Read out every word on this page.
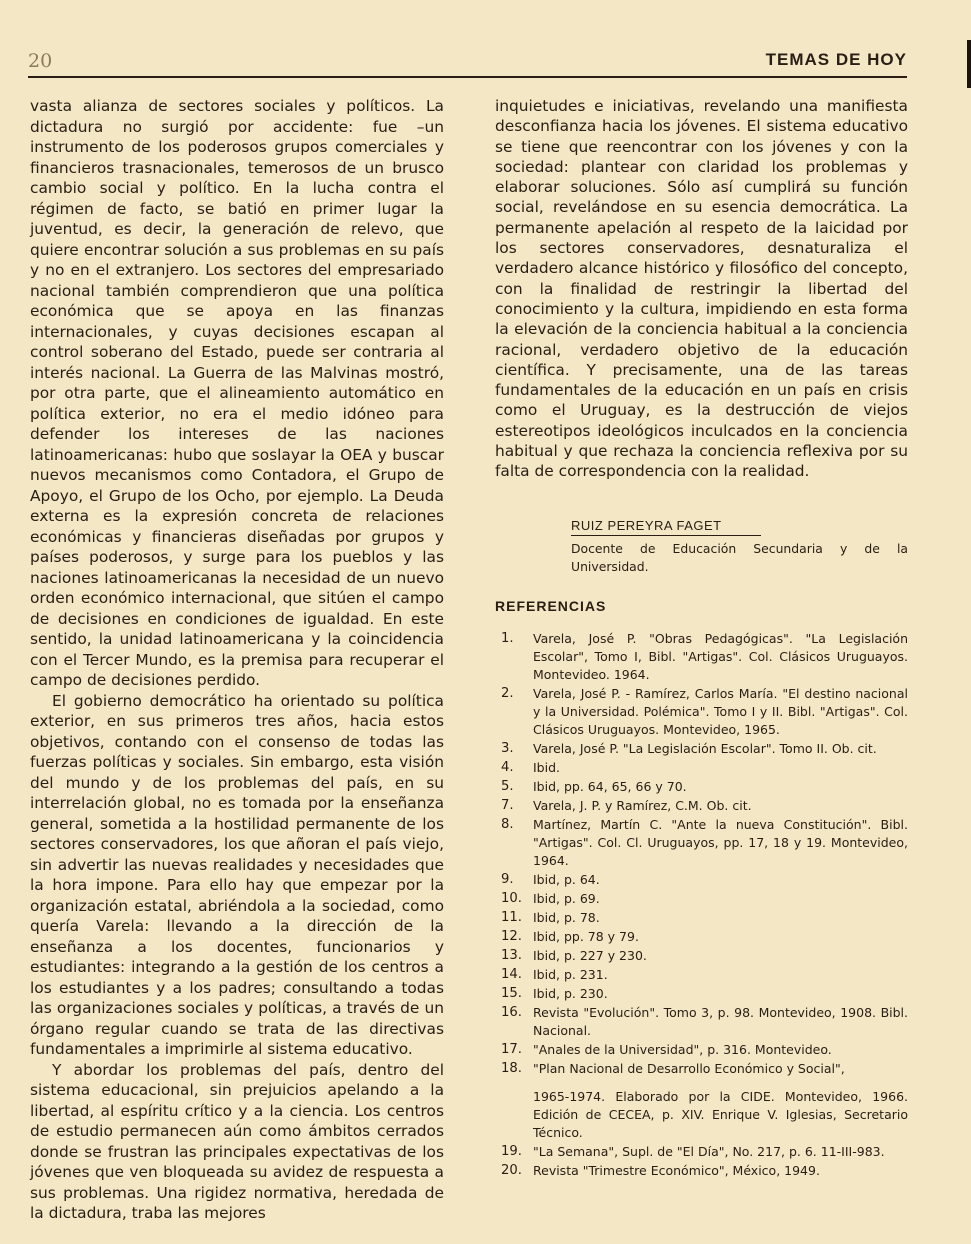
20	TEMAS DE HOY

vasta alianza de sectores sociales y políticos. La dictadura no surgió por accidente: fue –un instrumento de los poderosos grupos comerciales y financieros trasnacionales, temerosos de un brusco cambio social y político. En la lucha contra el régimen de facto, se batió en primer lugar la juventud, es decir, la generación de relevo, que quiere encontrar solución a sus problemas en su país y no en el extranjero. Los sectores del empresariado nacional también comprendieron que una política económica que se apoya en las finanzas internacionales, y cuyas decisiones escapan al control soberano del Estado, puede ser contraria al interés nacional. La Guerra de las Malvinas mostró, por otra parte, que el alineamiento automático en política exterior, no era el medio idóneo para defender los intereses de las naciones latinoamericanas: hubo que soslayar la OEA y buscar nuevos mecanismos como Contadora, el Grupo de Apoyo, el Grupo de los Ocho, por ejemplo. La Deuda externa es la expresión concreta de relaciones económicas y financieras diseñadas por grupos y países poderosos, y surge para los pueblos y las naciones latinoamericanas la necesidad de un nuevo orden económico internacional, que sitúen el campo de decisiones en condiciones de igualdad. En este sentido, la unidad latinoamericana y la coincidencia con el Tercer Mundo, es la premisa para recuperar el campo de decisiones perdido.

El gobierno democrático ha orientado su política exterior, en sus primeros tres años, hacia estos objetivos, contando con el consenso de todas las fuerzas políticas y sociales. Sin embargo, esta visión del mundo y de los problemas del país, en su interrelación global, no es tomada por la enseñanza general, sometida a la hostilidad permanente de los sectores conservadores, los que añoran el país viejo, sin advertir las nuevas realidades y necesidades que la hora impone. Para ello hay que empezar por la organización estatal, abriéndola a la sociedad, como quería Varela: llevando a la dirección de la enseñanza a los docentes, funcionarios y estudiantes: integrando a la gestión de los centros a los estudiantes y a los padres; consultando a todas las organizaciones sociales y políticas, a través de un órgano regular cuando se trata de las directivas fundamentales a imprimirle al sistema educativo.

Y abordar los problemas del país, dentro del sistema educacional, sin prejuicios apelando a la libertad, al espíritu crítico y a la ciencia. Los centros de estudio permanecen aún como ámbitos cerrados donde se frustran las principales expectativas de los jóvenes que ven bloqueada su avidez de respuesta a sus problemas. Una rigidez normativa, heredada de la dictadura, traba las mejores

inquietudes e iniciativas, revelando una manifiesta desconfianza hacia los jóvenes. El sistema educativo se tiene que reencontrar con los jóvenes y con la sociedad: plantear con claridad los problemas y elaborar soluciones. Sólo así cumplirá su función social, revelándose en su esencia democrática. La permanente apelación al respeto de la laicidad por los sectores conservadores, desnaturaliza el verdadero alcance histórico y filosófico del concepto, con la finalidad de restringir la libertad del conocimiento y la cultura, impidiendo en esta forma la elevación de la conciencia habitual a la conciencia racional, verdadero objetivo de la educación científica. Y precisamente, una de las tareas fundamentales de la educación en un país en crisis como el Uruguay, es la destrucción de viejos estereotipos ideológicos inculcados en la conciencia habitual y que rechaza la conciencia reflexiva por su falta de correspondencia con la realidad.

RUIZ PEREYRA FAGET
Docente de Educación Secundaria y de la Universidad.
REFERENCIAS
1.	Varela, José P. "Obras Pedagógicas". "La Legislación Escolar", Tomo I, Bibl. "Artigas". Col. Clásicos Uruguayos. Montevideo. 1964.
2.	Varela, José P. - Ramírez, Carlos María. "El destino nacional y la Universidad. Polémica". Tomo I y II. Bibl. "Artigas". Col. Clásicos Uruguayos. Montevideo, 1965.
3.	Varela, José P. "La Legislación Escolar". Tomo II. Ob. cit.
4.	Ibid.
5.	Ibid, pp. 64, 65, 66 y 70.
7.	Varela, J. P. y Ramírez, C.M. Ob. cit.
8.	Martínez, Martín C. "Ante la nueva Constitución". Bibl. "Artigas". Col. Cl. Uruguayos, pp. 17, 18 y 19. Montevideo, 1964.
9.	Ibid, p. 64.
10. Ibid, p. 69.
11. Ibid, p. 78.
12. Ibid, pp. 78 y 79.
13. Ibid, p. 227 y 230.
14. Ibid, p. 231.
15. Ibid, p. 230.
16. Revista "Evolución". Tomo 3, p. 98. Montevideo, 1908. Bibl. Nacional.
17. "Anales de la Universidad", p. 316. Montevideo.
18. "Plan Nacional de Desarrollo Económico y Social",
1965-1974. Elaborado por la CIDE. Montevideo, 1966. Edición de CECEA, p. XIV. Enrique V. Iglesias, Secretario Técnico.
19. "La Semana", Supl. de "El Día", No. 217, p. 6. 11-III-983.
20. Revista "Trimestre Económico", México, 1949.
